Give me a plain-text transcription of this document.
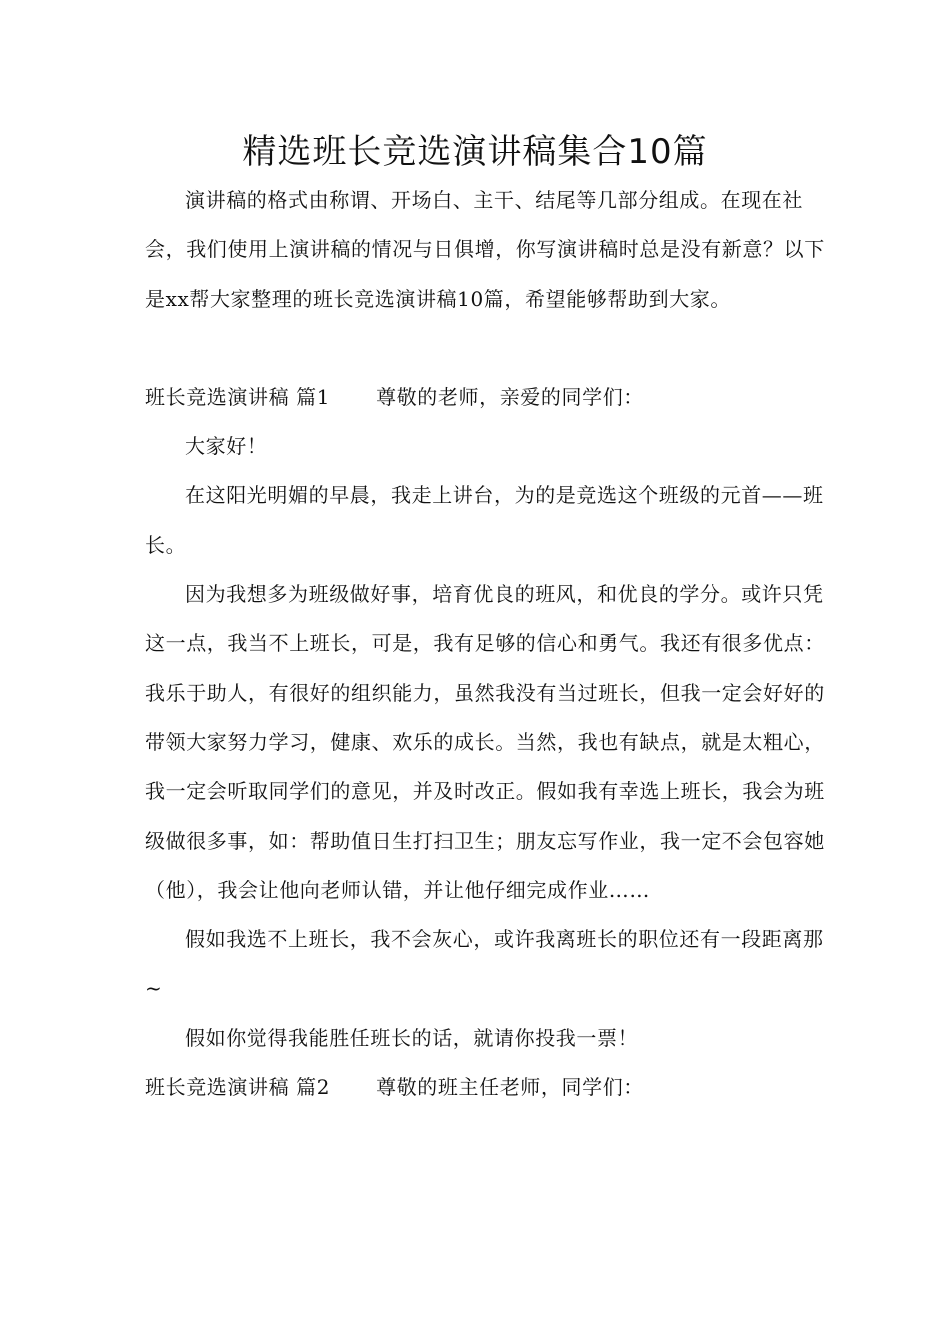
精选班长竞选演讲稿集合10篇

演讲稿的格式由称谓、开场白、主干、结尾等几部分组成。在现在社会，我们使用上演讲稿的情况与日俱增，你写演讲稿时总是没有新意？以下是xx帮大家整理的班长竞选演讲稿10篇，希望能够帮助到大家。

班长竞选演讲稿 篇1 尊敬的老师，亲爱的同学们：

大家好！

在这阳光明媚的早晨，我走上讲台，为的是竞选这个班级的元首——班长。

因为我想多为班级做好事，培育优良的班风，和优良的学分。或许只凭这一点，我当不上班长，可是，我有足够的信心和勇气。我还有很多优点：我乐于助人，有很好的组织能力，虽然我没有当过班长，但我一定会好好的带领大家努力学习，健康、欢乐的成长。当然，我也有缺点，就是太粗心，我一定会听取同学们的意见，并及时改正。假如我有幸选上班长，我会为班级做很多事，如：帮助值日生打扫卫生；朋友忘写作业，我一定不会包容她（他），我会让他向老师认错，并让他仔细完成作业……

假如我选不上班长，我不会灰心，或许我离班长的职位还有一段距离那~

假如你觉得我能胜任班长的话，就请你投我一票！

班长竞选演讲稿 篇2 尊敬的班主任老师，同学们：
